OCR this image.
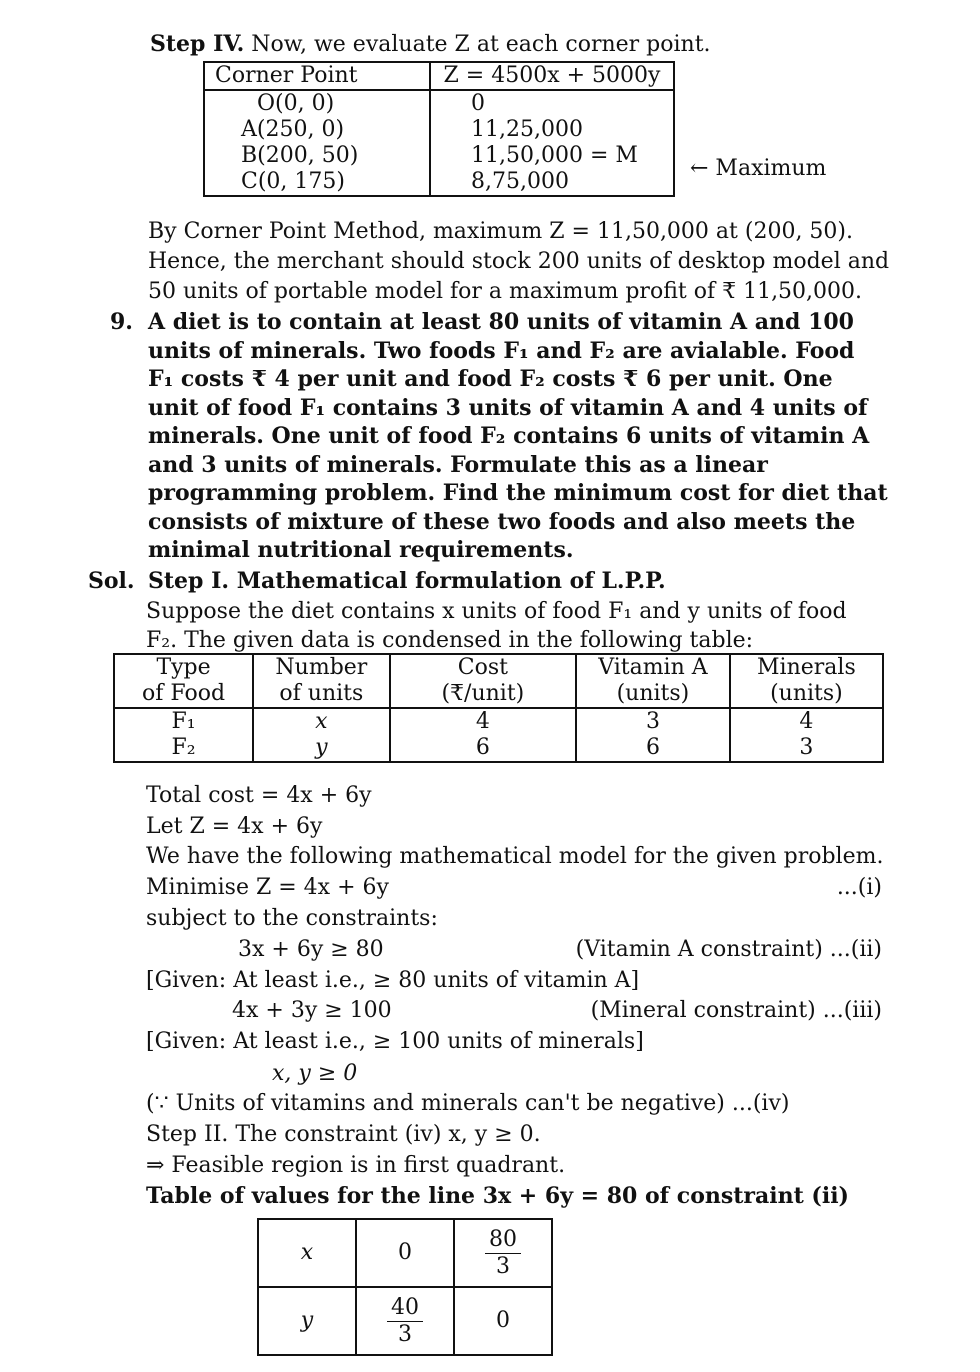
Step IV. Now, we evaluate Z at each corner point.
Corner Point	Z = 4500x + 5000y
O(0, 0)	0
A(250, 0)	11,25,000
B(200, 50)	11,50,000 = M
C(0, 175)	8,75,000
← Maximum
By Corner Point Method, maximum Z = 11,50,000 at (200, 50).
Hence, the merchant should stock 200 units of desktop model and
50 units of portable model for a maximum profit of ₹ 11,50,000.
9. A diet is to contain at least 80 units of vitamin A and 100
units of minerals. Two foods F₁ and F₂ are avialable. Food
F₁ costs ₹ 4 per unit and food F₂ costs ₹ 6 per unit. One
unit of food F₁ contains 3 units of vitamin A and 4 units of
minerals. One unit of food F₂ contains 6 units of vitamin A
and 3 units of minerals. Formulate this as a linear
programming problem. Find the minimum cost for diet that
consists of mixture of these two foods and also meets the
minimal nutritional requirements.
Sol. Step I. Mathematical formulation of L.P.P.
Suppose the diet contains x units of food F₁ and y units of food
F₂. The given data is condensed in the following table:
Type	Number	Cost	Vitamin A	Minerals
of Food	of units	(₹/unit)	(units)	(units)
F₁	x	4	3	4
F₂	y	6	6	3
Total cost = 4x + 6y
Let Z = 4x + 6y
We have the following mathematical model for the given problem.
Minimise Z = 4x + 6y	...(i)
subject to the constraints:
3x + 6y ≥ 80	(Vitamin A constraint) ...(ii)
[Given: At least i.e., ≥ 80 units of vitamin A]
4x + 3y ≥ 100	(Mineral constraint) ...(iii)
[Given: At least i.e., ≥ 100 units of minerals]
x, y ≥ 0
(∵ Units of vitamins and minerals can't be negative) ...(iv)
Step II. The constraint (iv) x, y ≥ 0.
⇒ Feasible region is in first quadrant.
Table of values for the line 3x + 6y = 80 of constraint (ii)
x	0	$\frac{80}{3}$

y	$\frac{40}{3}$	0
